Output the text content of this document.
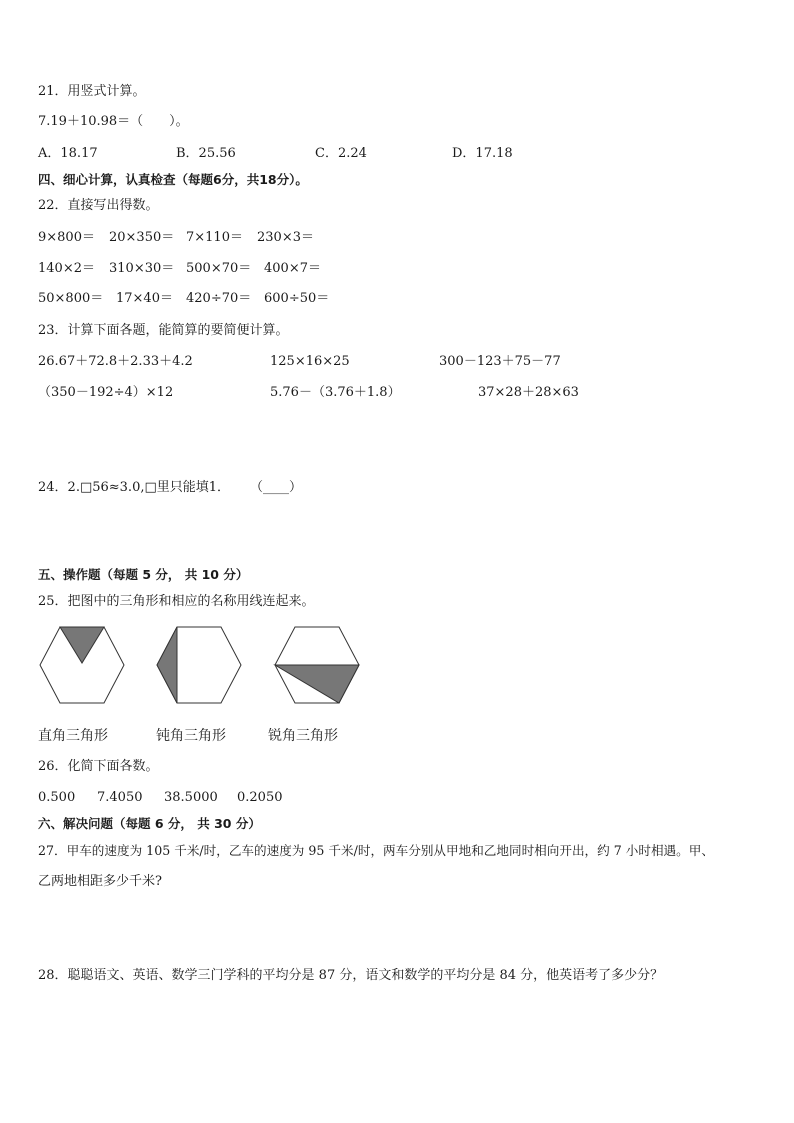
21．用竖式计算。
7.19＋10.98＝（　　）。
A．18.17	B．25.56	C．2.24	D．17.18
四、细心计算，认真检查（每题6分，共18分）。
22．直接写出得数。
9×800＝ 20×350＝ 7×110＝ 230×3＝
140×2＝ 310×30＝ 500×70＝ 400×7＝
50×800＝ 17×40＝ 420÷70＝ 600÷50＝
23．计算下面各题，能简算的要简便计算。
26.67＋72.8＋2.33＋4.2	125×16×25	300－123＋75－77
（350－192÷4）×12	5.76－（3.76＋1.8）	37×28＋28×63
24．2.□56≈3.0,□里只能填1． （____）
五、操作题（每题 5 分， 共 10 分）
25．把图中的三角形和相应的名称用线连起来。
直角三角形	钝角三角形	锐角三角形
26．化简下面各数。
0.500 7.4050 38.5000 0.2050
六、解决问题（每题 6 分， 共 30 分）
27．甲车的速度为 105 千米/时，乙车的速度为 95 千米/时，两车分别从甲地和乙地同时相向开出，约 7 小时相遇。甲、
乙两地相距多少千米?
28．聪聪语文、英语、数学三门学科的平均分是 87 分，语文和数学的平均分是 84 分，他英语考了多少分？
